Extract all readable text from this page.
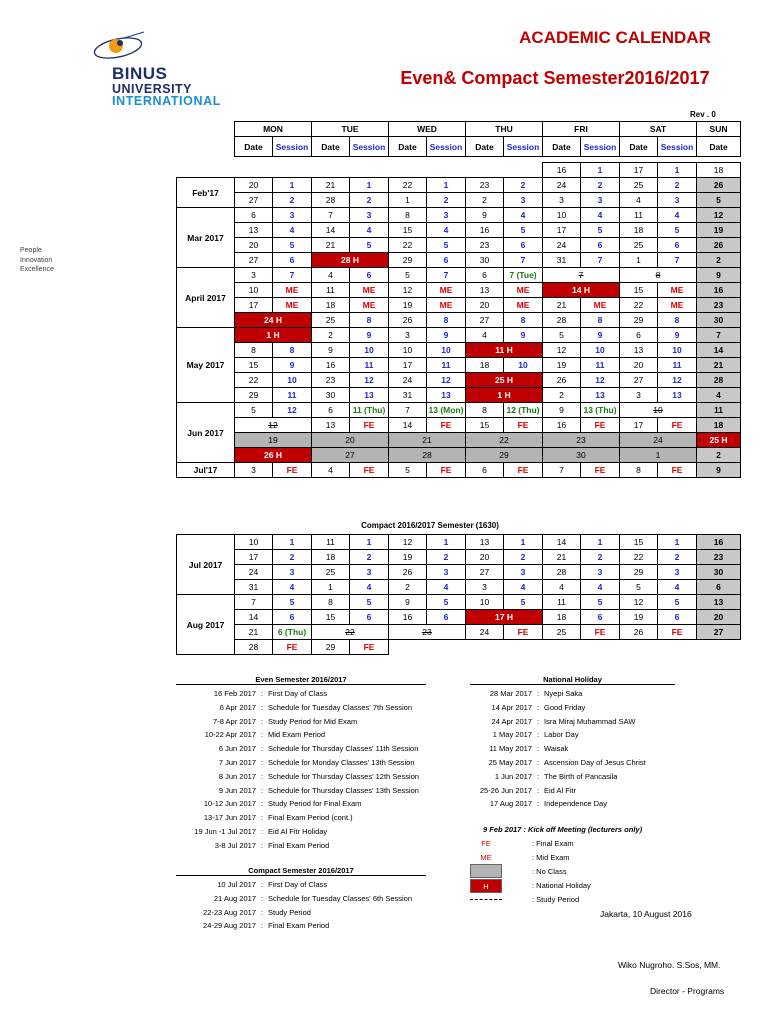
BINUS
UNIVERSITY
INTERNATIONAL
People
Innovation
Excellence
ACADEMIC CALENDAR
Even& Compact Semester2016/2017
Rev . 0
	MON		TUE		WED		THU		FRI		SAT		SUN	
	Date	Session	Date	Session	Date	Session	Date	Session	Date	Session	Date	Session	Date	

									16	1	17	1	18		
Feb'17	20	1	21	1	22	1	23	2	24	2	25	2	26	
	27	2	28	2	1	2	2	3	3	3	4	3	5	
Mar 2017	6	3	7	3	8	3	9	4	10	4	11	4	12	
	13	4	14	4	15	4	16	5	17	5	18	5	19	
	20	5	21	5	22	5	23	6	24	6	25	6	26	
	27	6	28 H		29	6	30	7	31	7	1	7	2	
April 2017	3	7	4	6	5	7	6	7 (Tue)	7		8		9	
	10	ME	11	ME	12	ME	13	ME	14 H		15	ME	16	
	17	ME	18	ME	19	ME	20	ME	21	ME	22	ME	23	
	24 H		25	8	26	8	27	8	28	8	29	8	30	
May 2017	1 H		2	9	3	9	4	9	5	9	6	9	7	
	8	8	9	10	10	10	11 H		12	10	13	10	14	
	15	9	16	11	17	11	18	10	19	11	20	11	21	
	22	10	23	12	24	12	25 H		26	12	27	12	28	
	29	11	30	13	31	13	1 H		2	13	3	13	4	
Jun 2017	5	12	6	11 (Thu)	7	13 (Mon)	8	12 (Thu)	9	13 (Thu)	10		11	
	12		13	FE	14	FE	15	FE	16	FE	17	FE	18	
	19		20		21		22		23		24		25 H	
	26 H		27		28		29		30		1		2	
Jul'17	3	FE	4	FE	5	FE	6	FE	7	FE	8	FE	9	
Compact 2016/2017 Semester (1630)
Jul 2017	10	1	11	1	12	1	13	1	14	1	15	1	16
	17	2	18	2	19	2	20	2	21	2	22	2	23
	24	3	25	3	26	3	27	3	28	3	29	3	30
	31	4	1	4	2	4	3	4	4	4	5	4	6
Aug 2017	7	5	8	5	9	5	10	5	11	5	12	5	13
	14	6	15	6	16	6	17 H		18	6	19	6	20
	21	6 (Thu)	22		23		24	FE	25	FE	26	FE	27
	28	FE	29	FE									
Even Semester 2016/2017
16 Feb 2017 : First Day of Class
6 Apr 2017 : Schedule for Tuesday Classes' 7th Session
7-8 Apr 2017 : Study Period for Mid Exam
10-22 Apr 2017 : Mid Exam Period
6 Jun 2017 : Schedule for Thursday Classes' 11th Session
7 Jun 2017 : Schedule for Monday Classes' 13th Session
8 Jun 2017 : Schedule for Thursday Classes' 12th Session
9 Jun 2017 : Schedule for Thursday Classes' 13th Session
10-12 Jun 2017 : Study Period for Final Exam
13-17 Jun 2017 : Final Exam Period (cont.)
19 Jun -1 Jul 2017 : Eid Al Fitr Holiday
3-8 Jul 2017 : Final Exam Period
Compact Semester 2016/2017
10 Jul 2017 : First Day of Class
21 Aug 2017 : Schedule for Tuesday Classes' 6th Session
22-23 Aug 2017 : Study Period
24-29 Aug 2017 : Final Exam Period
National Holiday
28 Mar 2017 : Nyepi Saka
14 Apr 2017 : Good Friday
24 Apr 2017 : Isra Miraj Muhammad SAW
1 May 2017 : Labor Day
11 May 2017 : Waisak
25 May 2017 : Ascension Day of Jesus Christ
1 Jun 2017 : The Birth of Pancasila
25-26 Jun 2017 : Eid Al Fitr
17 Aug 2017 : Independence Day
9 Feb 2017 : Kick off Meeting (lecturers only)
FE	: Final Exam
ME	: Mid Exam
: No Class
H	: National Holiday
: Study Period
Jakarta, 10 August 2016
Wiko Nugroho. S.Sos, MM.
Director - Programs
